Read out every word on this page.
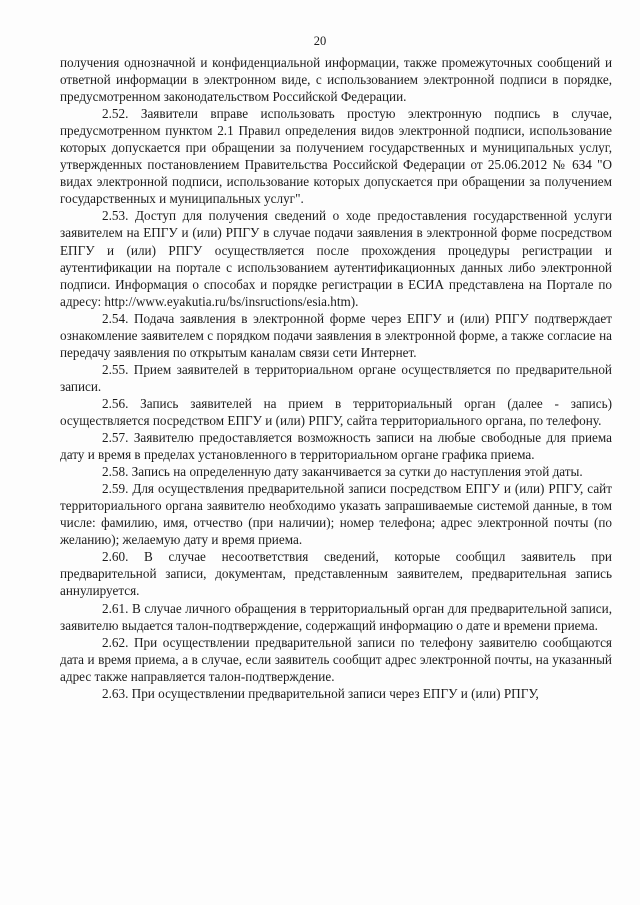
20

получения однозначной и конфиденциальной информации, также промежуточных сообщений и ответной информации в электронном виде, с использованием электронной подписи в порядке, предусмотренном законодательством Российской Федерации.

2.52. Заявители вправе использовать простую электронную подпись в случае, предусмотренном пунктом 2.1 Правил определения видов электронной подписи, использование которых допускается при обращении за получением государственных и муниципальных услуг, утвержденных постановлением Правительства Российской Федерации от 25.06.2012 № 634 "О видах электронной подписи, использование которых допускается при обращении за получением государственных и муниципальных услуг".

2.53. Доступ для получения сведений о ходе предоставления государственной услуги заявителем на ЕПГУ и (или) РПГУ в случае подачи заявления в электронной форме посредством ЕПГУ и (или) РПГУ осуществляется после прохождения процедуры регистрации и аутентификации на портале с использованием аутентификационных данных либо электронной подписи. Информация о способах и порядке регистрации в ЕСИА представлена на Портале по адресу: http://www.eyakutia.ru/bs/insructions/esia.htm).

2.54. Подача заявления в электронной форме через ЕПГУ и (или) РПГУ подтверждает ознакомление заявителем с порядком подачи заявления в электронной форме, а также согласие на передачу заявления по открытым каналам связи сети Интернет.

2.55. Прием заявителей в территориальном органе осуществляется по предварительной записи.

2.56. Запись заявителей на прием в территориальный орган (далее - запись) осуществляется посредством ЕПГУ и (или) РПГУ, сайта территориального органа, по телефону.

2.57. Заявителю предоставляется возможность записи на любые свободные для приема дату и время в пределах установленного в территориальном органе графика приема.

2.58. Запись на определенную дату заканчивается за сутки до наступления этой даты.

2.59. Для осуществления предварительной записи посредством ЕПГУ и (или) РПГУ, сайт территориального органа заявителю необходимо указать запрашиваемые системой данные, в том числе: фамилию, имя, отчество (при наличии); номер телефона; адрес электронной почты (по желанию); желаемую дату и время приема.

2.60. В случае несоответствия сведений, которые сообщил заявитель при предварительной записи, документам, представленным заявителем, предварительная запись аннулируется.

2.61. В случае личного обращения в территориальный орган для предварительной записи, заявителю выдается талон-подтверждение, содержащий информацию о дате и времени приема.

2.62. При осуществлении предварительной записи по телефону заявителю сообщаются дата и время приема, а в случае, если заявитель сообщит адрес электронной почты, на указанный адрес также направляется талон-подтверждение.

2.63. При осуществлении предварительной записи через ЕПГУ и (или) РПГУ,
